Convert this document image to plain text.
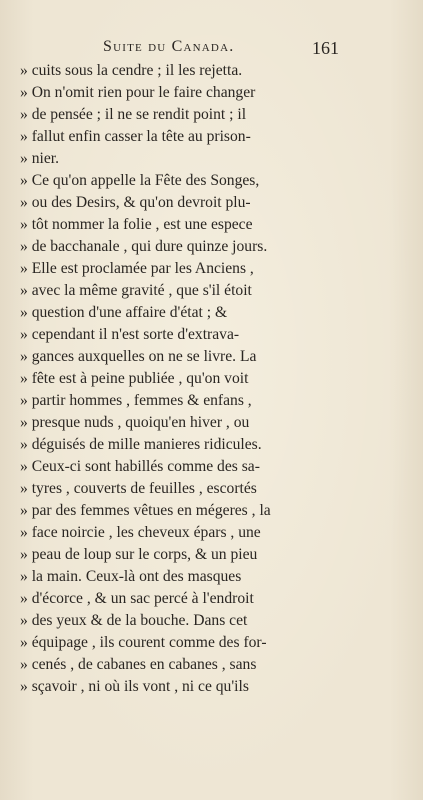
Suite du Canada.	161
» cuits sous la cendre ; il les rejetta.
» On n'omit rien pour le faire changer
» de pensée ; il ne se rendit point ; il
» fallut enfin casser la tête au prison-
» nier.
» Ce qu'on appelle la Fête des Songes,
» ou des Desirs, & qu'on devroit plu-
» tôt nommer la folie , est une espece
» de bacchanale , qui dure quinze jours.
» Elle est proclamée par les Anciens ,
» avec la même gravité , que s'il étoit
» question d'une affaire d'état ; &
» cependant il n'est sorte d'extrava-
» gances auxquelles on ne se livre. La
» fête est à peine publiée , qu'on voit
» partir hommes , femmes & enfans ,
» presque nuds , quoiqu'en hiver , ou
» déguisés de mille manieres ridicules.
» Ceux-ci sont habillés comme des sa-
» tyres , couverts de feuilles , escortés
» par des femmes vêtues en mégeres , la
» face noircie , les cheveux épars , une
» peau de loup sur le corps, & un pieu
» la main. Ceux-là ont des masques
» d'écorce , & un sac percé à l'endroit
» des yeux & de la bouche. Dans cet
» équipage , ils courent comme des for-
» cenés , de cabanes en cabanes , sans
» sçavoir , ni où ils vont , ni ce qu'ils
